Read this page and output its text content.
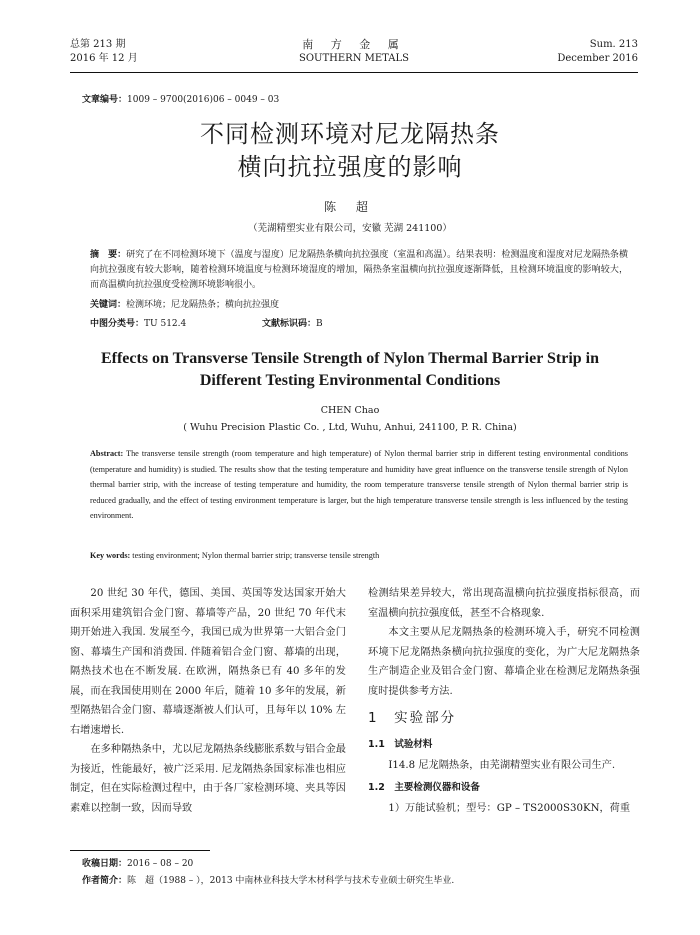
总第 213 期
2016 年 12 月
南 方 金 属
SOUTHERN METALS
Sum. 213
December 2016
文章编号：1009 – 9700(2016)06 – 0049 – 03
不同检测环境对尼龙隔热条
横向抗拉强度的影响
陈 超
（芜湖精塑实业有限公司，安徽 芜湖 241100）
摘　要：研究了在不同检测环境下（温度与湿度）尼龙隔热条横向抗拉强度（室温和高温）。结果表明：检测温度和湿度对尼龙隔热条横向抗拉强度有较大影响，随着检测环境温度与检测环境湿度的增加，隔热条室温横向抗拉强度逐渐降低，且检测环境温度的影响较大，而高温横向抗拉强度受检测环境影响很小。
关键词：检测环境；尼龙隔热条；横向抗拉强度
中图分类号：TU 512.4	文献标识码：B
Effects on Transverse Tensile Strength of Nylon Thermal Barrier Strip in
Different Testing Environmental Conditions
CHEN Chao
( Wuhu Precision Plastic Co. , Ltd, Wuhu, Anhui, 241100, P. R. China)
Abstract: The transverse tensile strength (room temperature and high temperature) of Nylon thermal barrier strip in different testing environmental conditions (temperature and humidity) is studied. The results show that the testing temperature and humidity have great influence on the transverse tensile strength of Nylon thermal barrier strip, with the increase of testing temperature and humidity, the room temperature transverse tensile strength of Nylon thermal barrier strip is reduced gradually, and the effect of testing environment temperature is larger, but the high temperature transverse tensile strength is less influenced by the testing environment.
Key words: testing environment; Nylon thermal barrier strip; transverse tensile strength

20 世纪 30 年代，德国、美国、英国等发达国家开始大面积采用建筑铝合金门窗、幕墙等产品，20 世纪 70 年代末期开始进入我国. 发展至今，我国已成为世界第一大铝合金门窗、幕墙生产国和消费国. 伴随着铝合金门窗、幕墙的出现，隔热技术也在不断发展. 在欧洲，隔热条已有 40 多年的发展，而在我国使用则在 2000 年后，随着 10 多年的发展，新型隔热铝合金门窗、幕墙逐渐被人们认可，且每年以 10% 左右增速增长.

在多种隔热条中，尤以尼龙隔热条线膨胀系数与铝合金最为接近，性能最好，被广泛采用. 尼龙隔热条国家标准也相应制定，但在实际检测过程中，由于各厂家检测环境、夹具等因素难以控制一致，因而导致

检测结果差异较大，常出现高温横向抗拉强度指标很高，而室温横向抗拉强度低，甚至不合格现象.

本文主要从尼龙隔热条的检测环境入手，研究不同检测环境下尼龙隔热条横向抗拉强度的变化，为广大尼龙隔热条生产制造企业及铝合金门窗、幕墙企业在检测尼龙隔热条强度时提供参考方法.

1　实验部分
1.1　试验材料

I14.8 尼龙隔热条，由芜湖精塑实业有限公司生产.

1.2　主要检测仪器和设备

1）万能试验机；型号：GP – TS2000S30KN，荷重

收稿日期：2016 – 08 – 20
作者简介：陈　超（1988 – ），2013 中南林业科技大学木材科学与技术专业硕士研究生毕业.
